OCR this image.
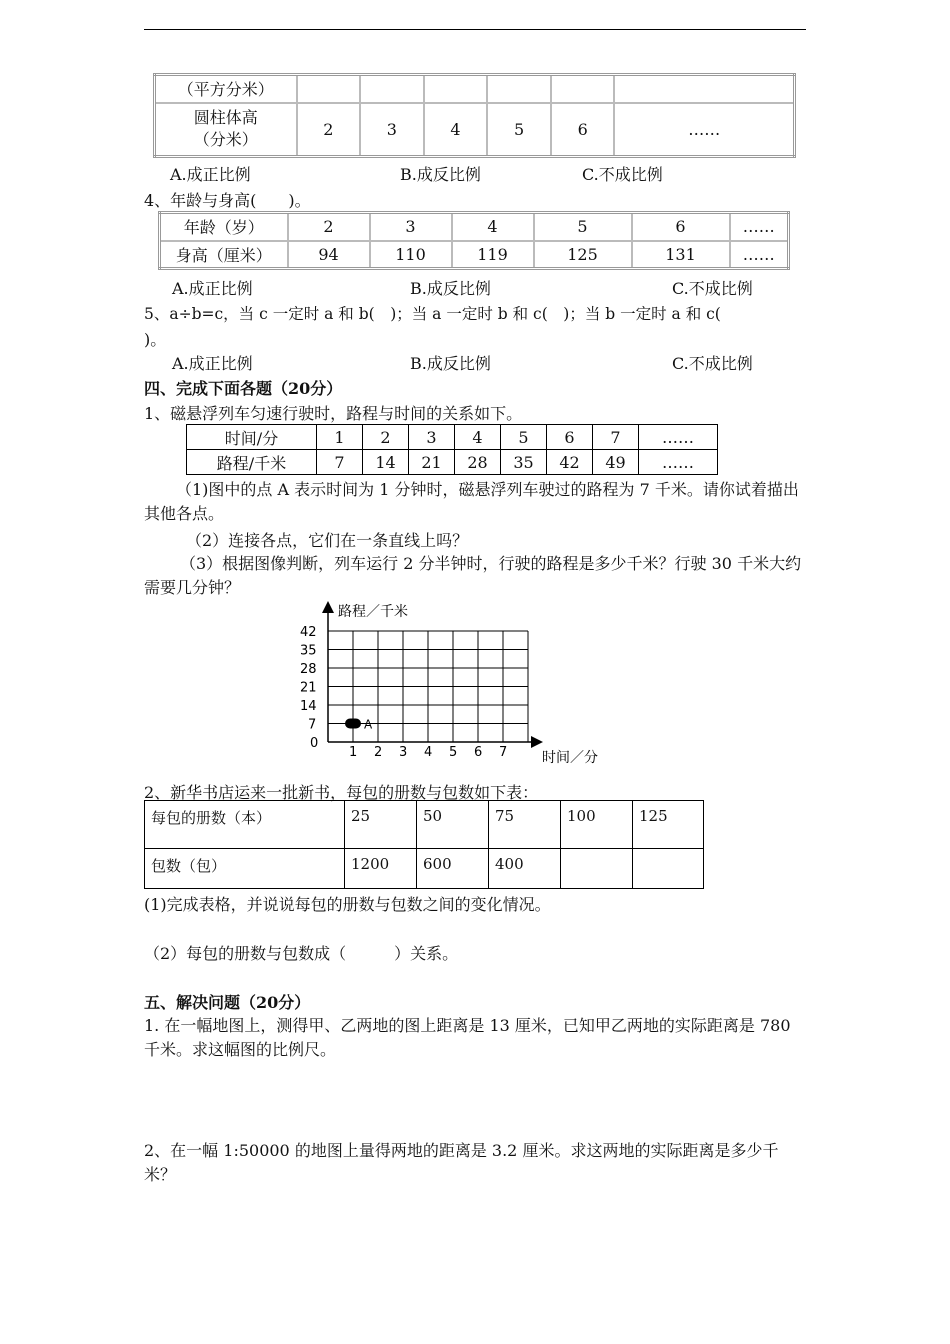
（平方分米）						
圆柱体高
（分米）	2	3	4	5	6	……
A.成正比例	B.成反比例	C.不成比例
4、年龄与身高(　　)。
年龄（岁）	2	3	4	5	6	……
身高（厘米）	94	110	119	125	131	……
A.成正比例	B.成反比例	C.不成比例
5、a÷b=c，当 c 一定时 a 和 b(　)；当 a 一定时 b 和 c(　)；当 b 一定时 a 和 c(
)。
A.成正比例	B.成反比例	C.不成比例
四、完成下面各题（20分）
1、磁悬浮列车匀速行驶时，路程与时间的关系如下。
时间/分	1	2	3	4	5	6	7	……
路程/千米	7	14	21	28	35	42	49	……
（1)图中的点 A 表示时间为 1 分钟时，磁悬浮列车驶过的路程为 7 千米。请你试着描出其他各点。
（2）连接各点，它们在一条直线上吗？
（3）根据图像判断，列车运行 2 分半钟时，行驶的路程是多少千米？行驶 30 千米大约需要几分钟？
路程／千米
时间／分
0
1 2 3 4 5 6 7
7
14
21
28
35
42
A
2、新华书店运来一批新书，每包的册数与包数如下表：
每包的册数（本）	25	50	75	100	125
包数（包）	1200	600	400		
(1)完成表格，并说说每包的册数与包数之间的变化情况。
（2）每包的册数与包数成（　　　）关系。
五、解决问题（20分）
1. 在一幅地图上，测得甲、乙两地的图上距离是 13 厘米，已知甲乙两地的实际距离是 780 千米。求这幅图的比例尺。
2、在一幅 1:50000 的地图上量得两地的距离是 3.2 厘米。求这两地的实际距离是多少千米？
